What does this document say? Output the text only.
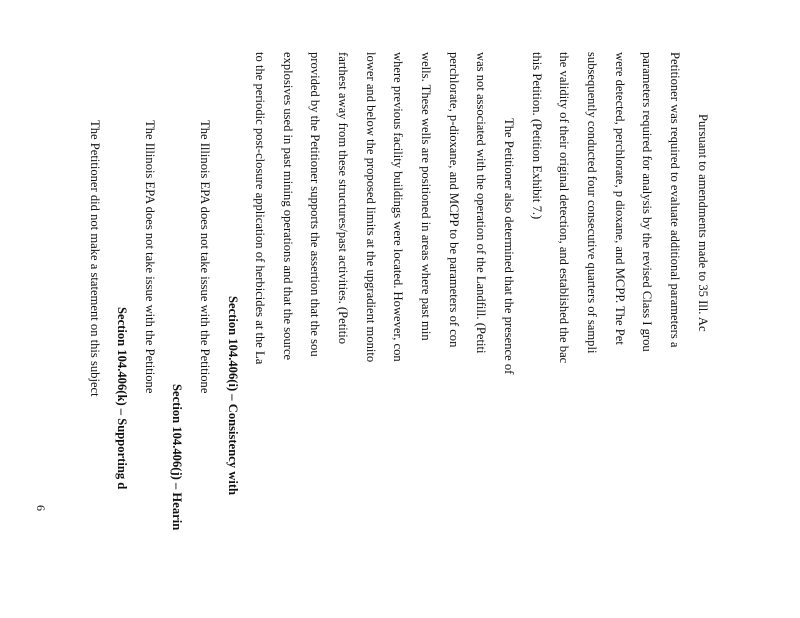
Pursuant to amendments made to 35 Ill. Ac
Petitioner was required to evaluate additional parameters a
parameters required for analysis by the revised Class I grou
were detected, perchlorate, p dioxane, and MCPP. The Pet
subsequently conducted four consecutive quarters of sampli
the validity of their original detection, and established the bac
this Petition. (Petition Exhibit 7.)
The Petitioner also determined that the presence of
was not associated with the operation of the Landfill. (Petiti
perchlorate, p-dioxane, and MCPP to be parameters of con
wells. These wells are positioned in areas where past min
where previous facility buildings were located. However, con
lower and below the proposed limits at the upgradient monito
farthest away from these structures/past activities. (Petitio
provided by the Petitioner supports the assertion that the sou
explosives used in past mining operations and that the source
to the periodic post-closure application of herbicides at the La
Section 104.406(i) – Consistency with
The Illinois EPA does not take issue with the Petitione
Section 104.406(j) – Hearin
The Illinois EPA does not take issue with the Petitione
Section 104.406(k) – Supporting d
The Petitioner did not make a statement on this subject
6
